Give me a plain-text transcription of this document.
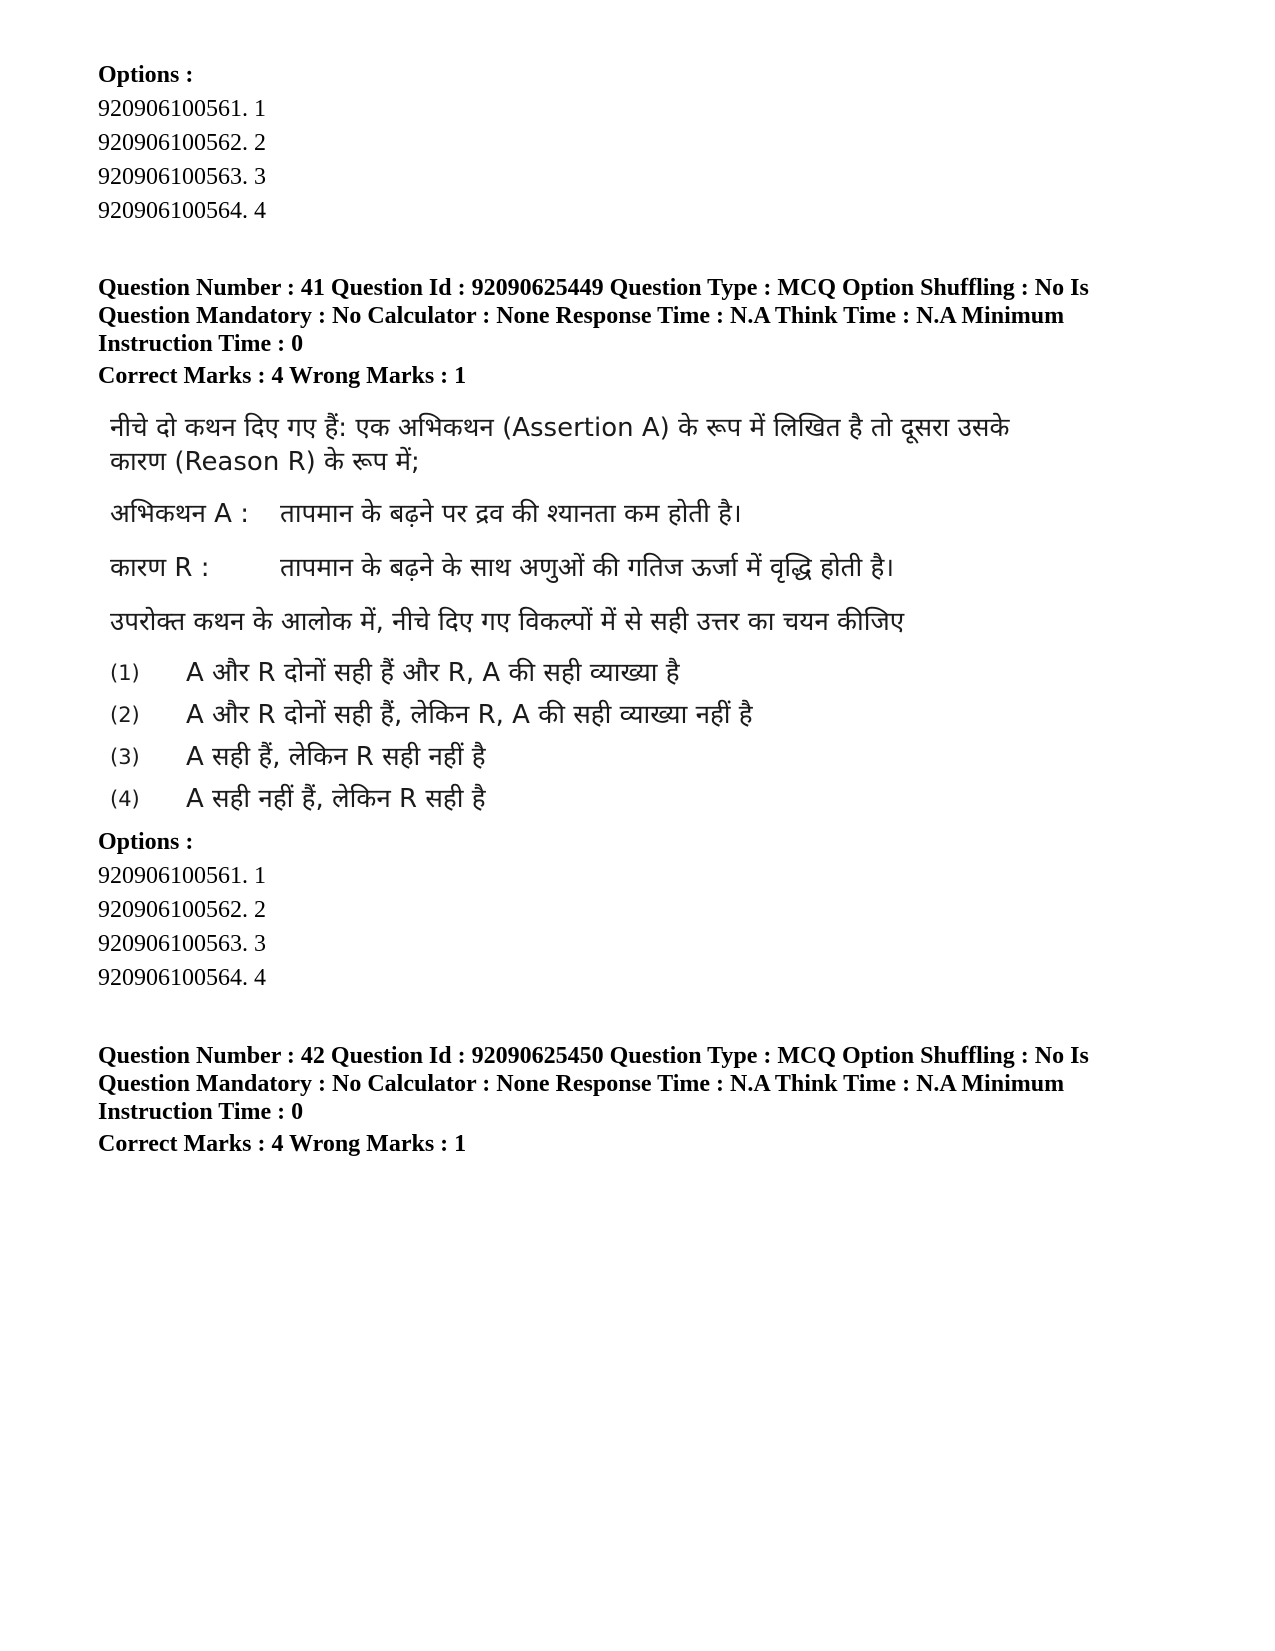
Options :
920906100561. 1
920906100562. 2
920906100563. 3
920906100564. 4
Question Number : 41 Question Id : 92090625449 Question Type : MCQ Option Shuffling : No Is
Question Mandatory : No Calculator : None Response Time : N.A Think Time : N.A Minimum
Instruction Time : 0
Correct Marks : 4 Wrong Marks : 1
नीचे दो कथन दिए गए हैं: एक अभिकथन (Assertion A) के रूप में लिखित है तो दूसरा उसके
कारण (Reason R) के रूप में;
अभिकथन A : तापमान के बढ़ने पर द्रव की श्यानता कम होती है।
कारण R :	तापमान के बढ़ने के साथ अणुओं की गतिज ऊर्जा में वृद्धि होती है।
उपरोक्त कथन के आलोक में, नीचे दिए गए विकल्पों में से सही उत्तर का चयन कीजिए
(1) A और R दोनों सही हैं और R, A की सही व्याख्या है
(2) A और R दोनों सही हैं, लेकिन R, A की सही व्याख्या नहीं है
(3) A सही हैं, लेकिन R सही नहीं है
(4) A सही नहीं हैं, लेकिन R सही है
Options :
920906100561. 1
920906100562. 2
920906100563. 3
920906100564. 4
Question Number : 42 Question Id : 92090625450 Question Type : MCQ Option Shuffling : No Is
Question Mandatory : No Calculator : None Response Time : N.A Think Time : N.A Minimum
Instruction Time : 0
Correct Marks : 4 Wrong Marks : 1
